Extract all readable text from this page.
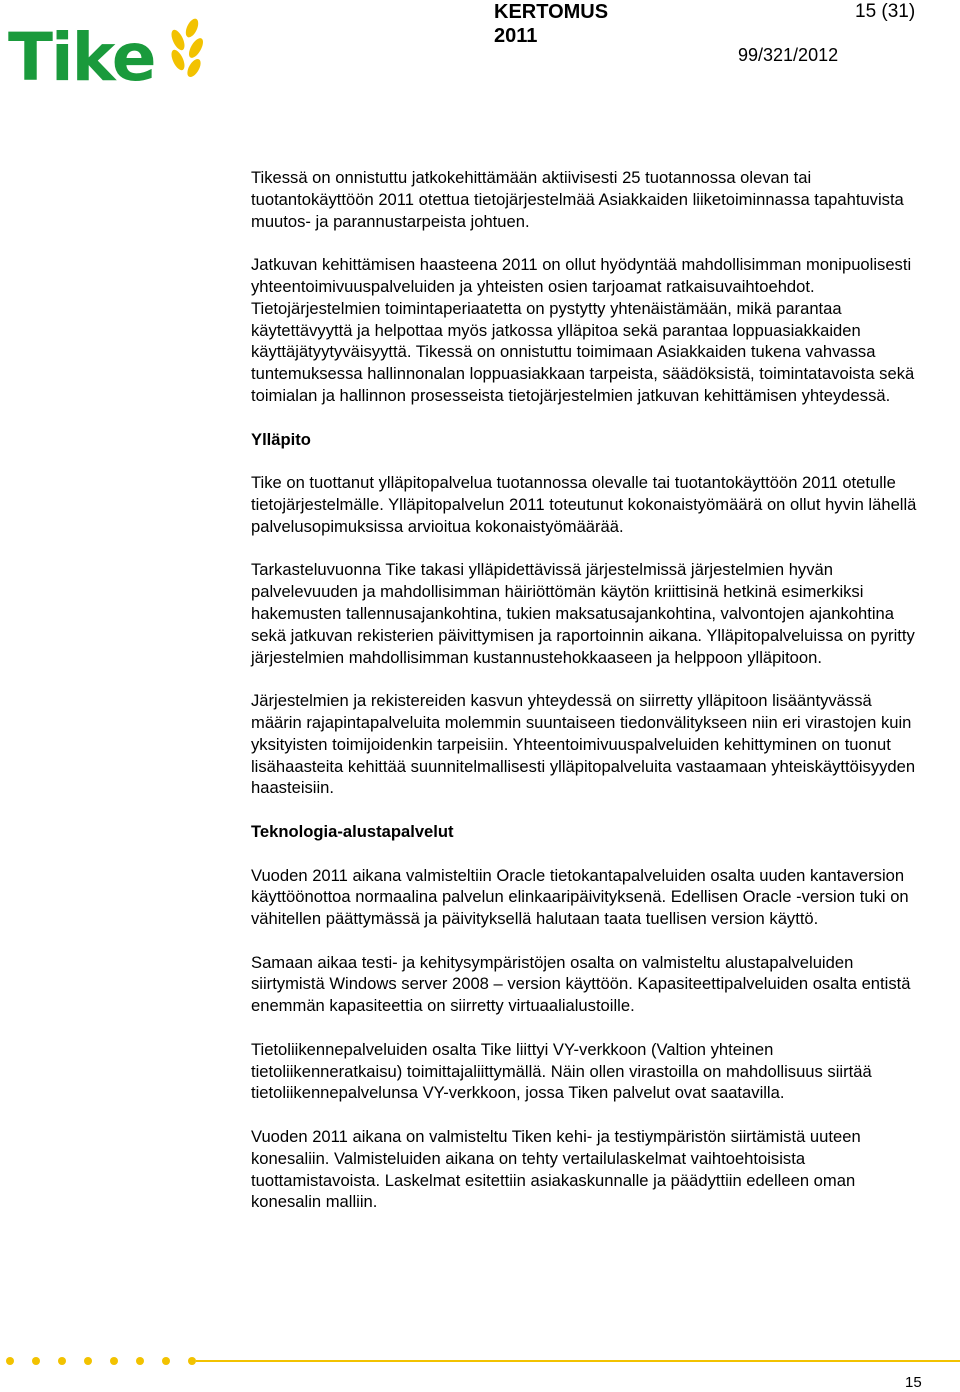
Tike
KERTOMUS
2011
15 (31)
99/321/2012

Tikessä on onnistuttu jatkokehittämään aktiivisesti 25 tuotannossa olevan tai tuotantokäyttöön 2011 otettua tietojärjestelmää Asiakkaiden liiketoiminnassa tapahtuvista muutos- ja parannustarpeista johtuen.

Jatkuvan kehittämisen haasteena 2011 on ollut hyödyntää mahdollisimman monipuolisesti yhteentoimivuuspalveluiden ja yhteisten osien tarjoamat ratkaisuvaihtoehdot. Tietojärjestelmien toimintaperiaatetta on pystytty yhtenäistämään, mikä parantaa käytettävyyttä ja helpottaa myös jatkossa ylläpitoa sekä parantaa loppuasiakkaiden käyttäjätyytyväisyyttä. Tikessä on onnistuttu toimimaan Asiakkaiden tukena vahvassa tuntemuksessa hallinnonalan loppuasiakkaan tarpeista, säädöksistä, toimintatavoista sekä toimialan ja hallinnon prosesseista tietojärjestelmien jatkuvan kehittämisen yhteydessä.

Ylläpito

Tike on tuottanut ylläpitopalvelua tuotannossa olevalle tai tuotantokäyttöön 2011 otetulle tietojärjestelmälle. Ylläpitopalvelun 2011 toteutunut kokonaistyömäärä on ollut hyvin lähellä palvelusopimuksissa arvioitua kokonaistyömäärää.

Tarkasteluvuonna Tike takasi ylläpidettävissä järjestelmissä järjestelmien hyvän palvelevuuden ja mahdollisimman häiriöttömän käytön kriittisinä hetkinä esimerkiksi hakemusten tallennusajankohtina, tukien maksatusajankohtina, valvontojen ajankohtina sekä jatkuvan rekisterien päivittymisen ja raportoinnin aikana. Ylläpitopalveluissa on pyritty järjestelmien mahdollisimman kustannustehokkaaseen ja helppoon ylläpitoon.

Järjestelmien ja rekistereiden kasvun yhteydessä on siirretty ylläpitoon lisääntyvässä määrin rajapintapalveluita molemmin suuntaiseen tiedonvälitykseen niin eri virastojen kuin yksityisten toimijoidenkin tarpeisiin. Yhteentoimivuuspalveluiden kehittyminen on tuonut lisähaasteita kehittää suunnitelmallisesti ylläpitopalveluita vastaamaan yhteiskäyttöisyyden haasteisiin.

Teknologia-alustapalvelut

Vuoden 2011 aikana valmisteltiin Oracle tietokantapalveluiden osalta uuden kantaversion käyttöönottoa normaalina palvelun elinkaaripäivityksenä. Edellisen Oracle -version tuki on vähitellen päättymässä ja päivityksellä halutaan taata tuellisen version käyttö.

Samaan aikaa testi- ja kehitysympäristöjen osalta on valmisteltu alustapalveluiden siirtymistä Windows server 2008 – version käyttöön. Kapasiteettipalveluiden osalta entistä enemmän kapasiteettia on siirretty virtuaalialustoille.

Tietoliikennepalveluiden osalta Tike liittyi VY-verkkoon (Valtion yhteinen tietoliikenneratkaisu) toimittajaliittymällä. Näin ollen virastoilla on mahdollisuus siirtää tietoliikennepalvelunsa VY-verkkoon, jossa Tiken palvelut ovat saatavilla.

Vuoden 2011 aikana on valmisteltu Tiken kehi- ja testiympäristön siirtämistä uuteen konesaliin. Valmisteluiden aikana on tehty vertailulaskelmat vaihtoehtoisista tuottamistavoista. Laskelmat esitettiin asiakaskunnalle ja päädyttiin edelleen oman konesalin malliin.

15
